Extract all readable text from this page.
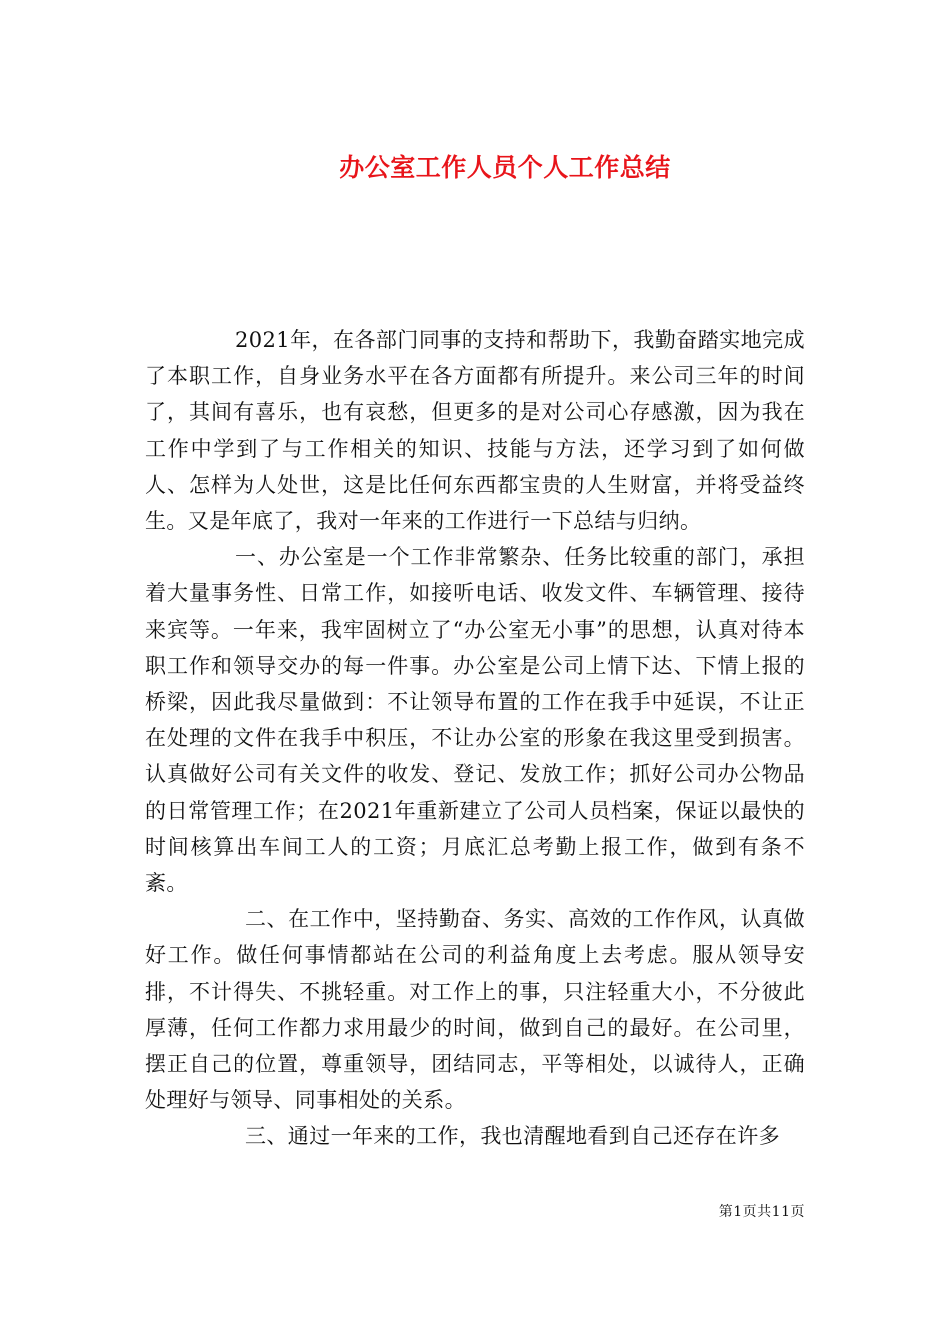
办公室工作人员个人工作总结

2021年，在各部门同事的支持和帮助下，我勤奋踏实地完成了本职工作，自身业务水平在各方面都有所提升。来公司三年的时间了，其间有喜乐，也有哀愁，但更多的是对公司心存感激，因为我在工作中学到了与工作相关的知识、技能与方法，还学习到了如何做人、怎样为人处世，这是比任何东西都宝贵的人生财富，并将受益终生。又是年底了，我对一年来的工作进行一下总结与归纳。

一、办公室是一个工作非常繁杂、任务比较重的部门，承担着大量事务性、日常工作，如接听电话、收发文件、车辆管理、接待来宾等。一年来，我牢固树立了“办公室无小事”的思想，认真对待本职工作和领导交办的每一件事。办公室是公司上情下达、下情上报的桥梁，因此我尽量做到：不让领导布置的工作在我手中延误，不让正在处理的文件在我手中积压，不让办公室的形象在我这里受到损害。认真做好公司有关文件的收发、登记、发放工作；抓好公司办公物品的日常管理工作；在2021年重新建立了公司人员档案，保证以最快的时间核算出车间工人的工资；月底汇总考勤上报工作，做到有条不紊。

二、在工作中，坚持勤奋、务实、高效的工作作风，认真做好工作。做任何事情都站在公司的利益角度上去考虑。服从领导安排，不计得失、不挑轻重。对工作上的事，只注轻重大小，不分彼此厚薄，任何工作都力求用最少的时间，做到自己的最好。在公司里，摆正自己的位置，尊重领导，团结同志，平等相处，以诚待人，正确处理好与领导、同事相处的关系。

三、通过一年来的工作，我也清醒地看到自己还存在许多

第1页共11页
